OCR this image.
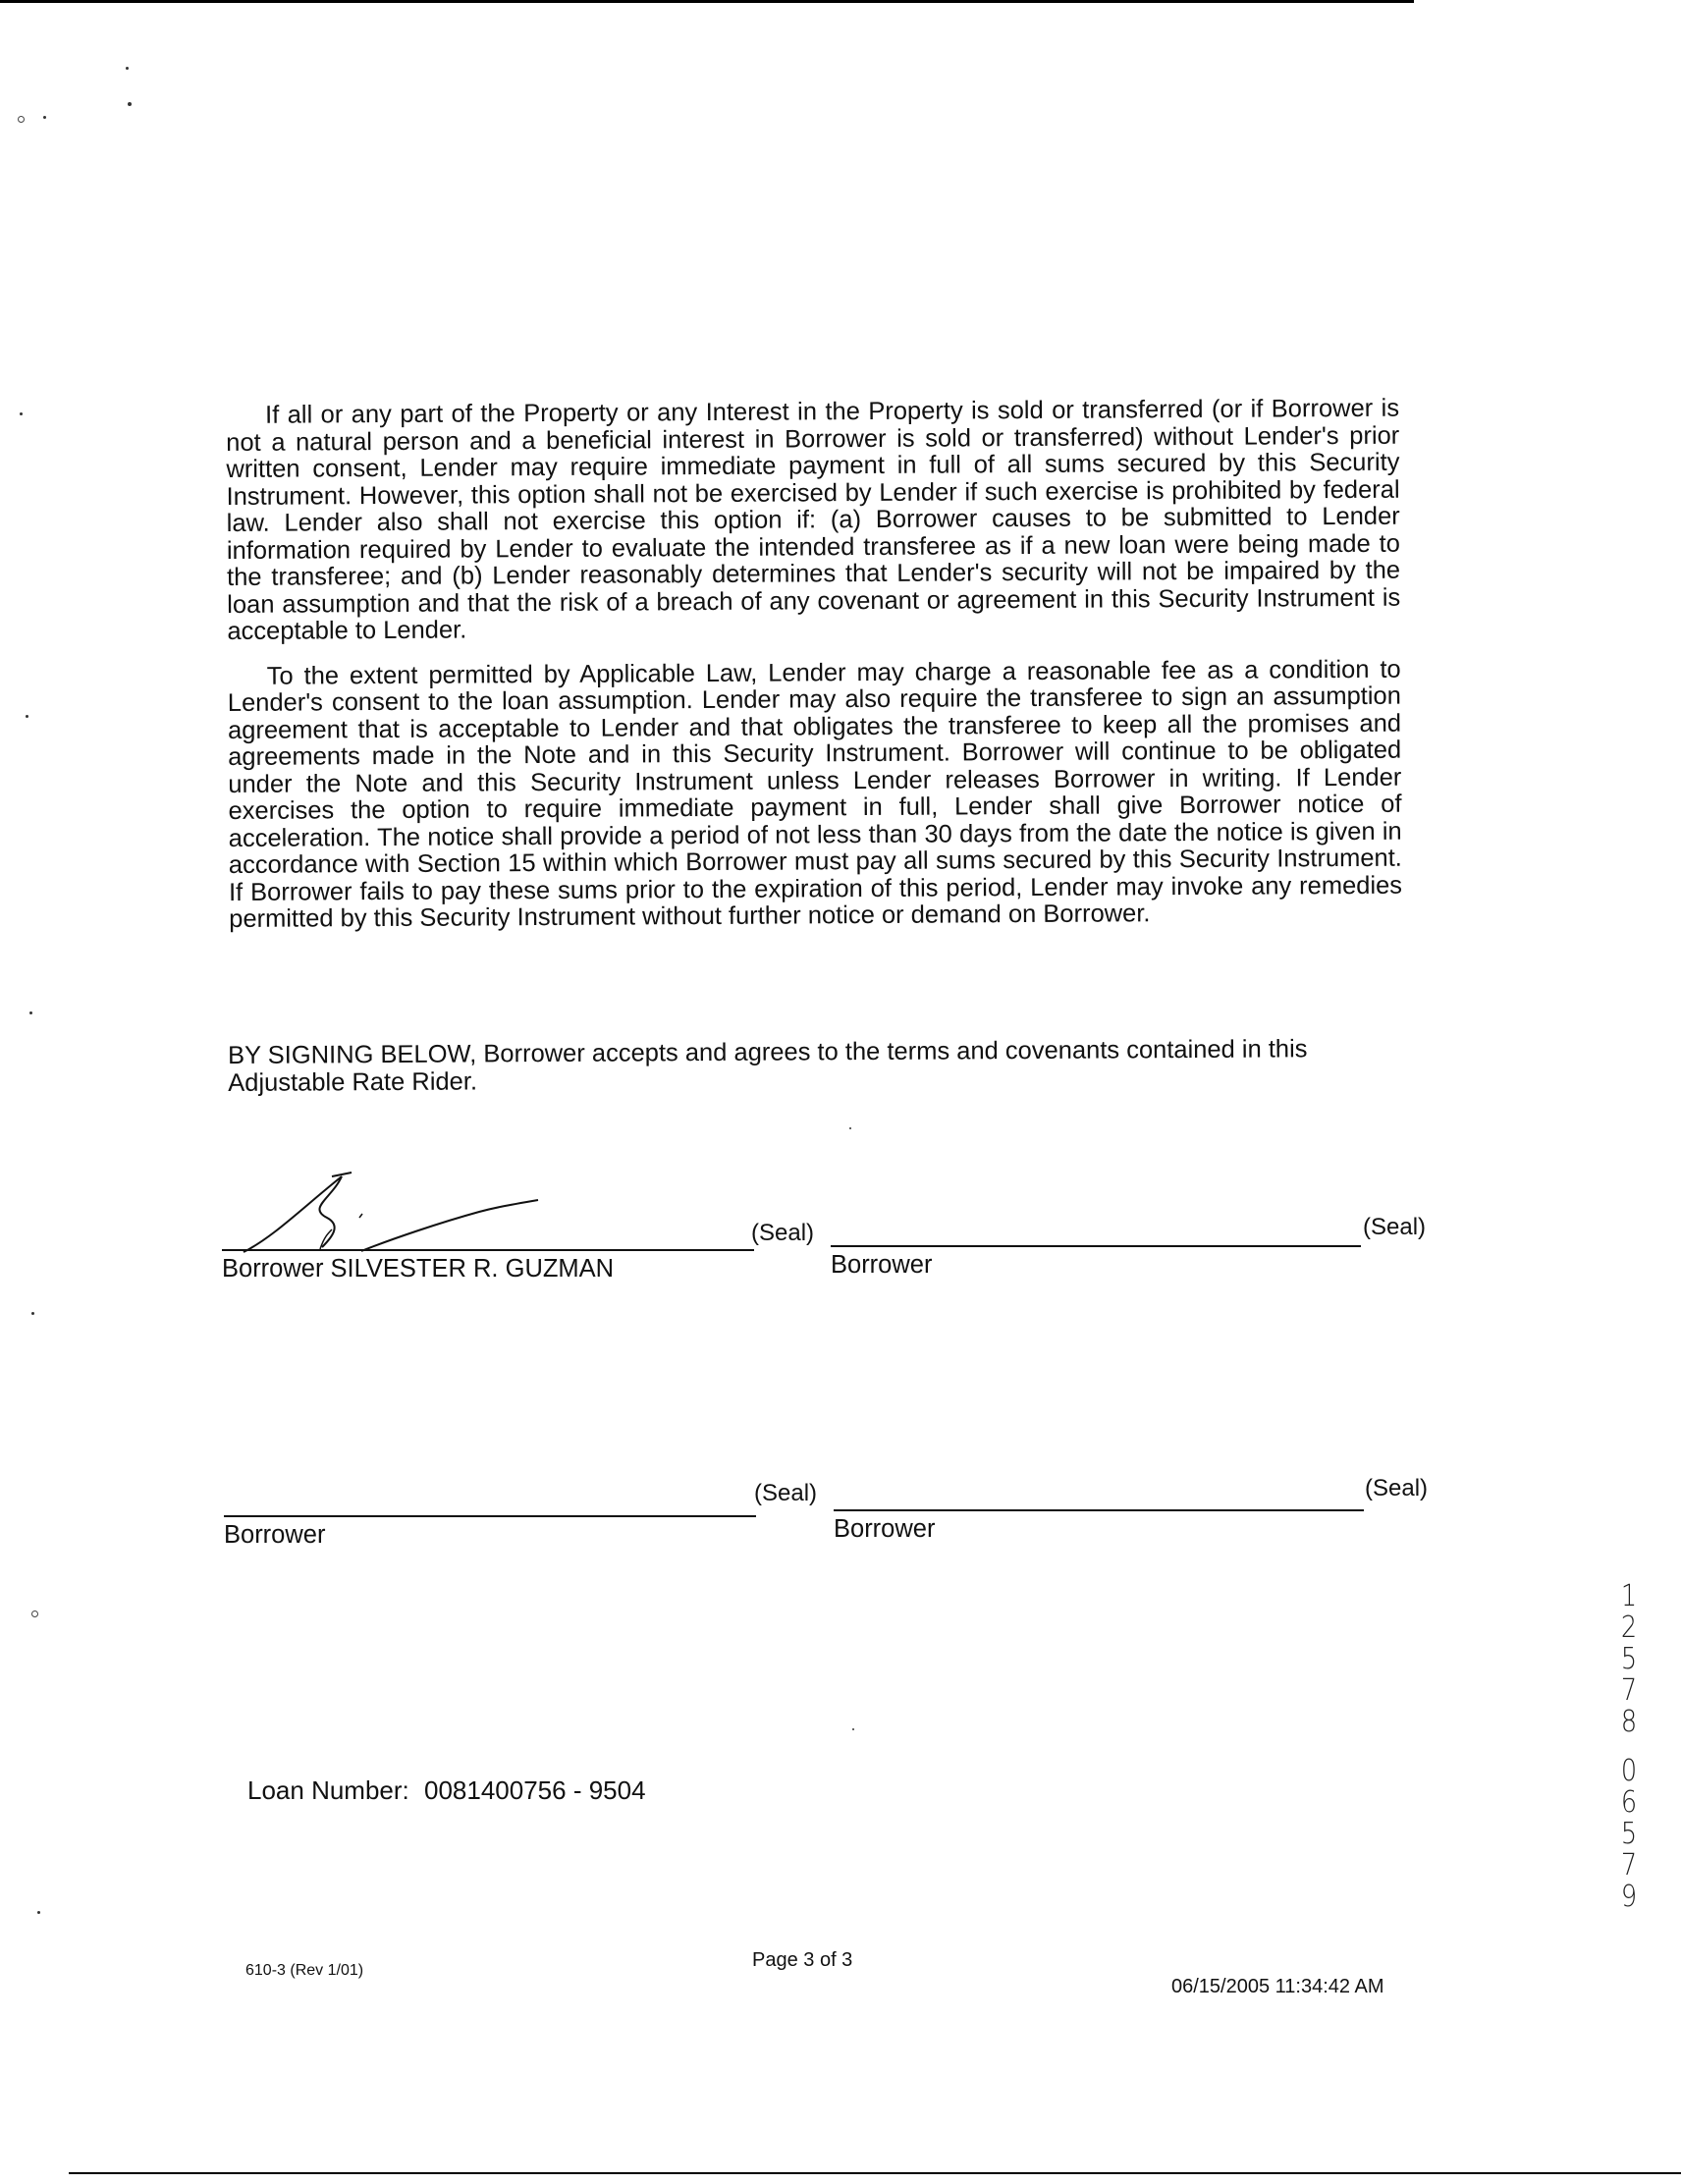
If all or any part of the Property or any Interest in the Property is sold or transferred (or if Borrower is not a natural person and a beneficial interest in Borrower is sold or transferred) without Lender's prior written consent, Lender may require immediate payment in full of all sums secured by this Security Instrument. However, this option shall not be exercised by Lender if such exercise is prohibited by federal law. Lender also shall not exercise this option if: (a) Borrower causes to be submitted to Lender information required by Lender to evaluate the intended transferee as if a new loan were being made to the transferee; and (b) Lender reasonably determines that Lender's security will not be impaired by the loan assumption and that the risk of a breach of any covenant or agreement in this Security Instrument is acceptable to Lender.

To the extent permitted by Applicable Law, Lender may charge a reasonable fee as a condition to Lender's consent to the loan assumption. Lender may also require the transferee to sign an assumption agreement that is acceptable to Lender and that obligates the transferee to keep all the promises and agreements made in the Note and in this Security Instrument. Borrower will continue to be obligated under the Note and this Security Instrument unless Lender releases Borrower in writing. If Lender exercises the option to require immediate payment in full, Lender shall give Borrower notice of acceleration. The notice shall provide a period of not less than 30 days from the date the notice is given in accordance with Section 15 within which Borrower must pay all sums secured by this Security Instrument. If Borrower fails to pay these sums prior to the expiration of this period, Lender may invoke any remedies permitted by this Security Instrument without further notice or demand on Borrower.

BY SIGNING BELOW, Borrower accepts and agrees to the terms and covenants contained in this Adjustable Rate Rider.
(Seal)
Borrower SILVESTER R. GUZMAN
(Seal)
Borrower
(Seal)
Borrower
(Seal)
Borrower
Loan Number: 0081400756 - 9504
610-3 (Rev 1/01)	Page 3 of 3
06/15/2005 11:34:42 AM
1
2
5
7
8
0
6
5
7
9
